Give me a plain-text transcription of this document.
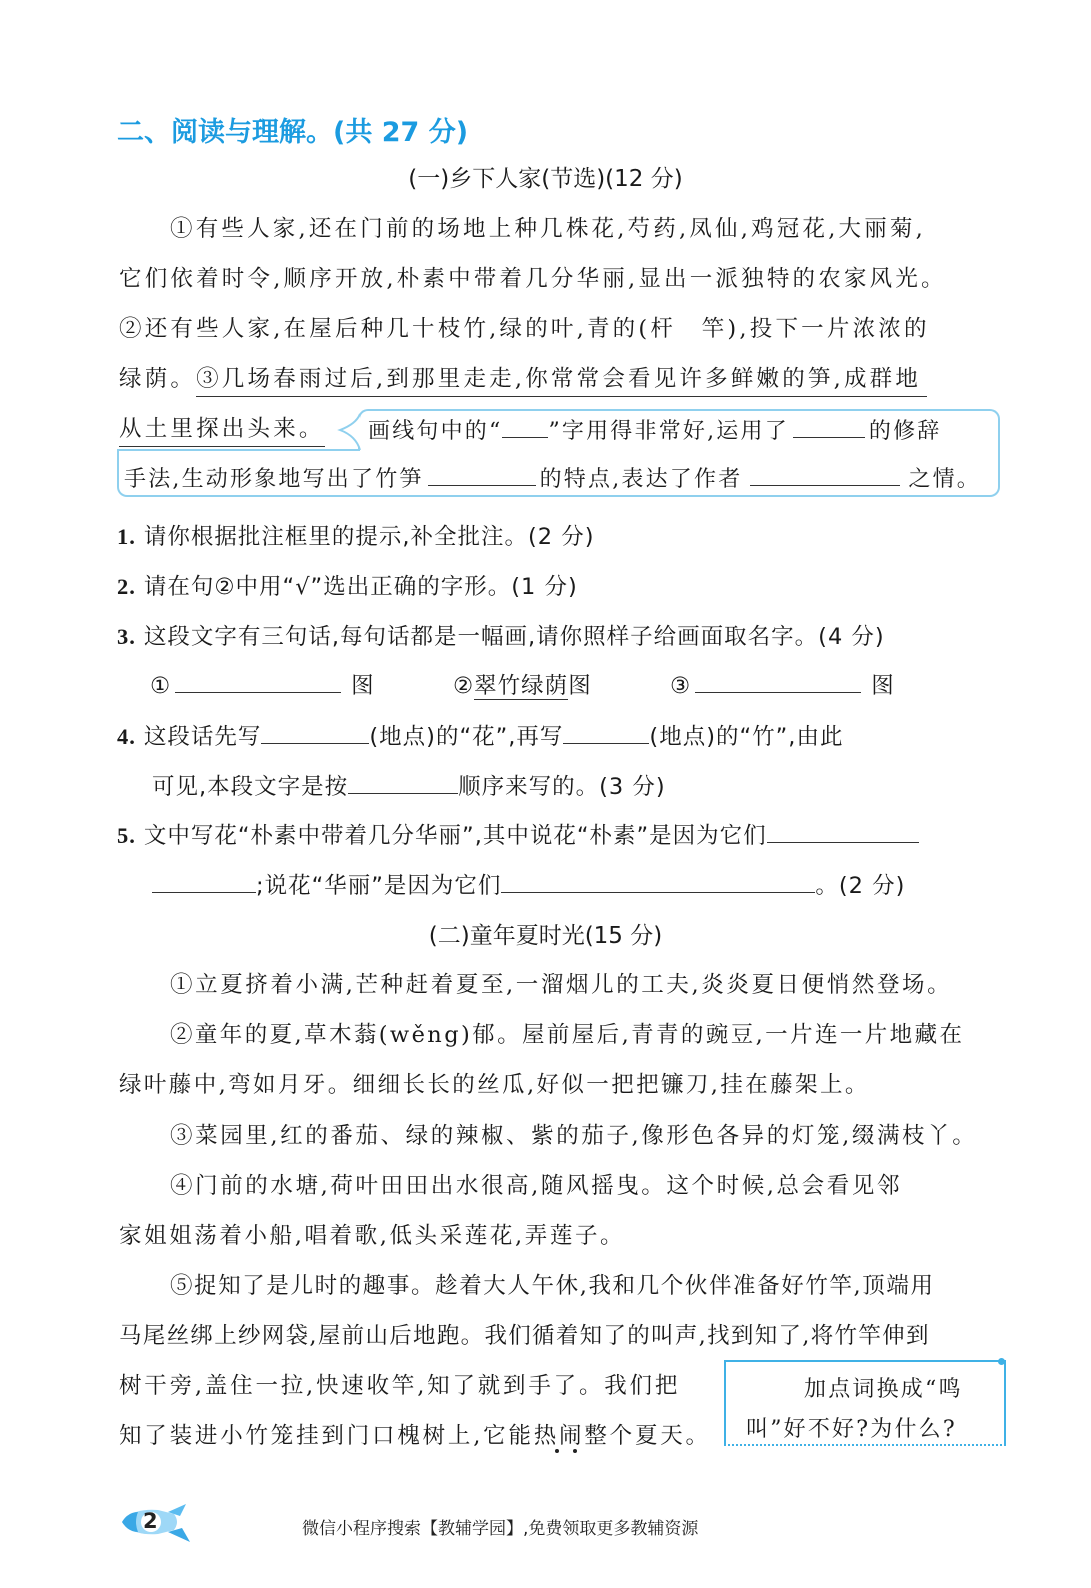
二、阅读与理解。(共 27 分)
(一)乡下人家(节选)(12 分)
①有些人家,还在门前的场地上种几株花,芍药,凤仙,鸡冠花,大丽菊,
它们依着时令,顺序开放,朴素中带着几分华丽,显出一派独特的农家风光。
②还有些人家,在屋后种几十枝竹,绿的叶,青的(杆　竿),投下一片浓浓的
绿荫。③几场春雨过后,到那里走走,你常常会看见许多鲜嫩的笋,成群地
从土里探出头来。 画线句中的“ ”字用得非常好,运用了	的修辞
手法,生动形象地写出了竹笋	的特点,表达了作者	之情。
1. 请你根据批注框里的提示,补全批注。(2 分)
2. 请在句②中用“√”选出正确的字形。(1 分)
3. 这段文字有三句话,每句话都是一幅画,请你照样子给画面取名字。(4 分)
①	图	②翠竹绿荫图	③	图
4. 这段话先写	(地点)的“花”,再写	(地点)的“竹”,由此
可见,本段文字是按	顺序来写的。(3 分)
5. 文中写花“朴素中带着几分华丽”,其中说花“朴素”是因为它们
;说花“华丽”是因为它们	。(2 分)
(二)童年夏时光(15 分)
①立夏挤着小满,芒种赶着夏至,一溜烟儿的工夫,炎炎夏日便悄然登场。
②童年的夏,草木蓊(wěng)郁。屋前屋后,青青的豌豆,一片连一片地藏在
绿叶藤中,弯如月牙。细细长长的丝瓜,好似一把把镰刀,挂在藤架上。
③菜园里,红的番茄、绿的辣椒、紫的茄子,像形色各异的灯笼,缀满枝丫。
④门前的水塘,荷叶田田出水很高,随风摇曳。这个时候,总会看见邻
家姐姐荡着小船,唱着歌,低头采莲花,弄莲子。
⑤捉知了是儿时的趣事。趁着大人午休,我和几个伙伴准备好竹竿,顶端用
马尾丝绑上纱网袋,屋前山后地跑。我们循着知了的叫声,找到知了,将竹竿伸到
树干旁,盖住一拉,快速收竿,知了就到手了。我们把
知了装进小竹笼挂到门口槐树上,它能热闹整个夏天。
加点词换成“鸣
叫”好不好?为什么?
2	微信小程序搜索【教辅学园】,免费领取更多教辅资源
